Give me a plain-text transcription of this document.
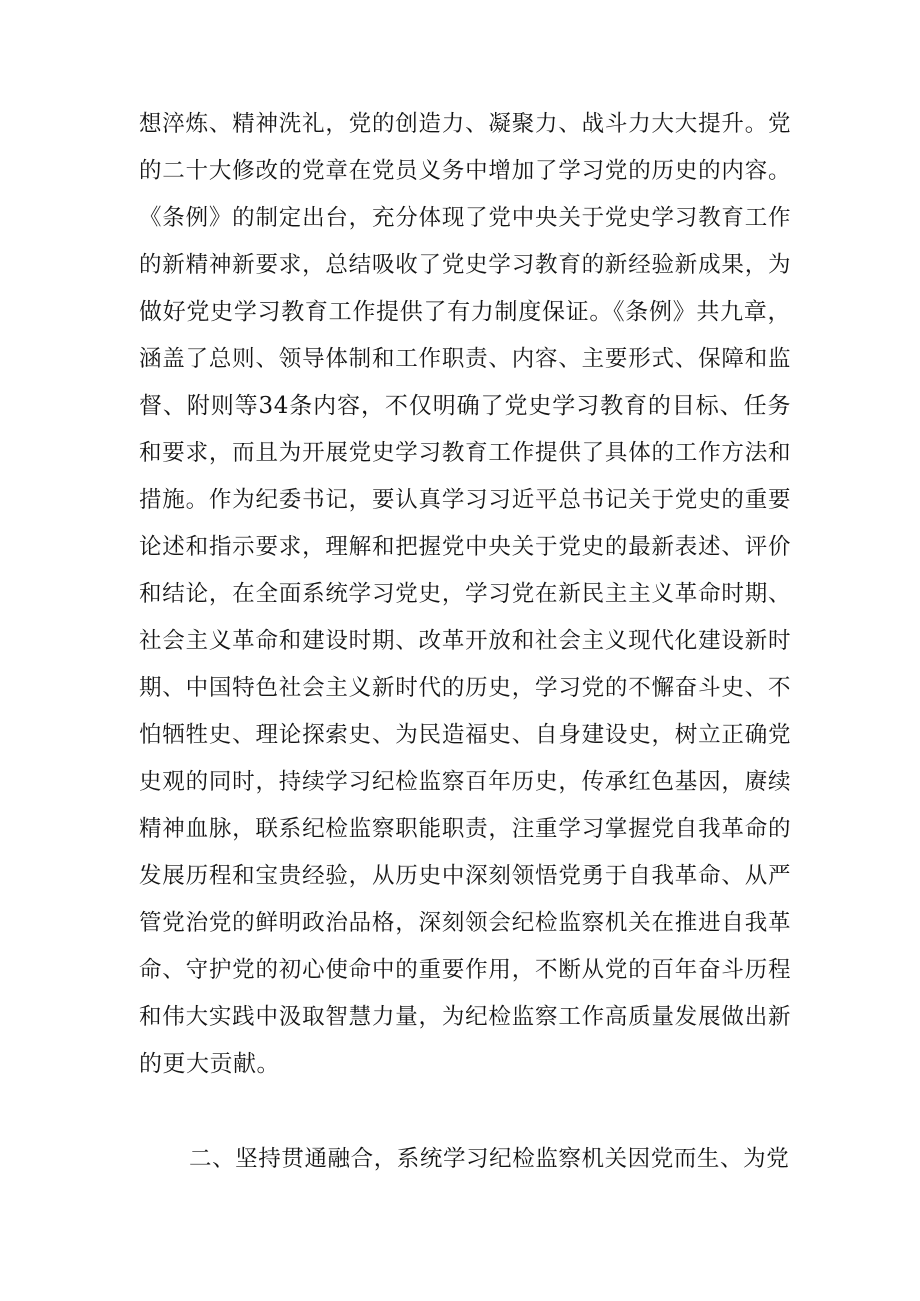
想淬炼、精神洗礼，党的创造力、凝聚力、战斗力大大提升。党
的二十大修改的党章在党员义务中增加了学习党的历史的内容。
《条例》的制定出台，充分体现了党中央关于党史学习教育工作
的新精神新要求，总结吸收了党史学习教育的新经验新成果，为
做好党史学习教育工作提供了有力制度保证。《条例》共九章，
涵盖了总则、领导体制和工作职责、内容、主要形式、保障和监
督、附则等34条内容，不仅明确了党史学习教育的目标、任务
和要求，而且为开展党史学习教育工作提供了具体的工作方法和
措施。作为纪委书记，要认真学习习近平总书记关于党史的重要
论述和指示要求，理解和把握党中央关于党史的最新表述、评价
和结论，在全面系统学习党史，学习党在新民主主义革命时期、
社会主义革命和建设时期、改革开放和社会主义现代化建设新时
期、中国特色社会主义新时代的历史，学习党的不懈奋斗史、不
怕牺牲史、理论探索史、为民造福史、自身建设史，树立正确党
史观的同时，持续学习纪检监察百年历史，传承红色基因，赓续
精神血脉，联系纪检监察职能职责，注重学习掌握党自我革命的
发展历程和宝贵经验，从历史中深刻领悟党勇于自我革命、从严
管党治党的鲜明政治品格，深刻领会纪检监察机关在推进自我革
命、守护党的初心使命中的重要作用，不断从党的百年奋斗历程
和伟大实践中汲取智慧力量，为纪检监察工作高质量发展做出新
的更大贡献。
二、坚持贯通融合，系统学习纪检监察机关因党而生、为党
